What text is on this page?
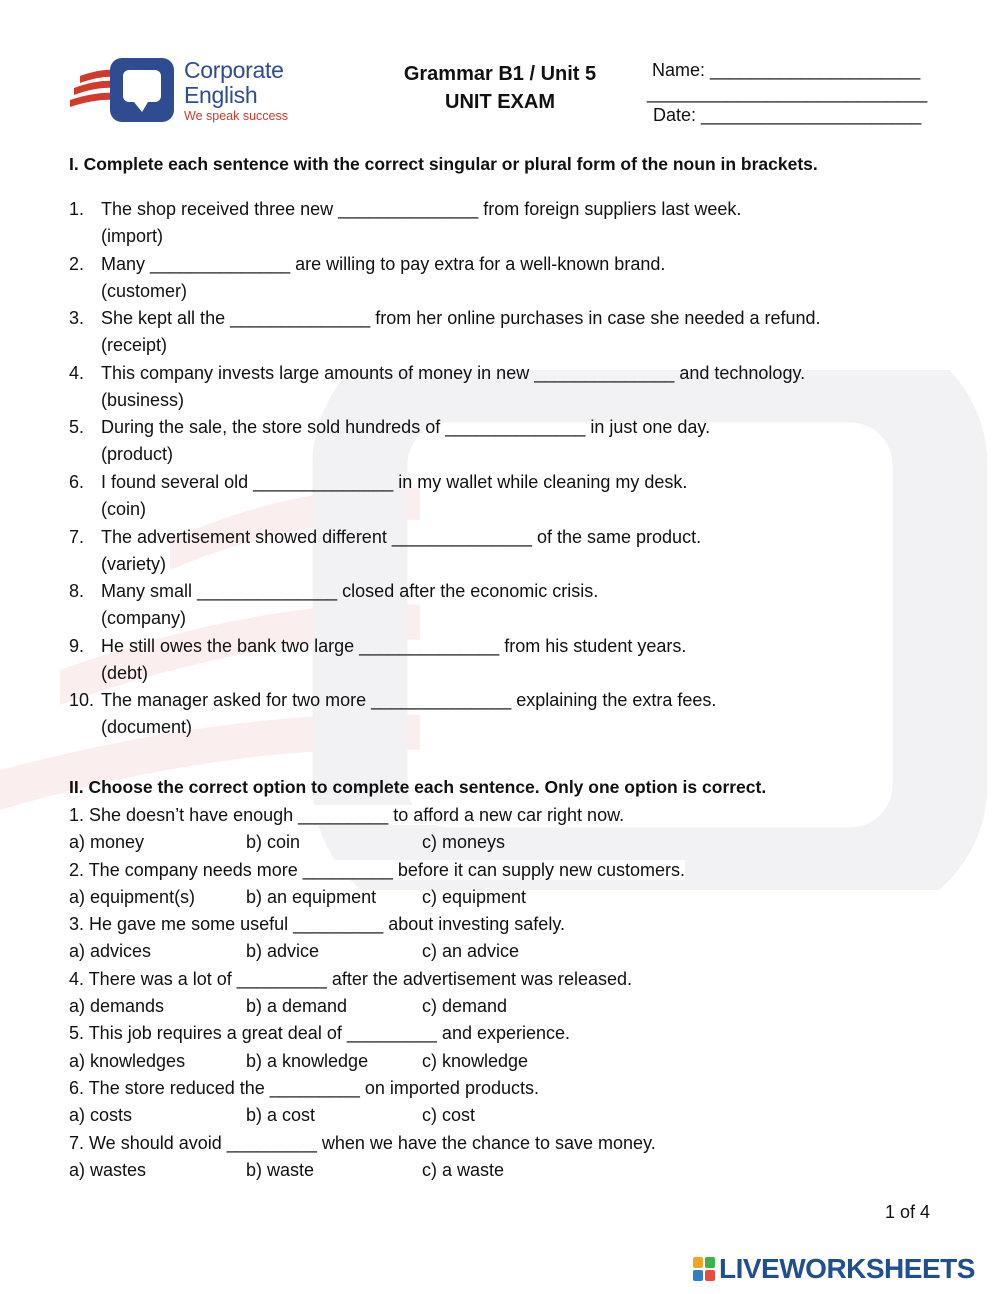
Corporate
English
We speak success
Grammar B1 / Unit 5
UNIT EXAM
Name: _____________________
____________________________
Date: ______________________
I. Complete each sentence with the correct singular or plural form of the noun in brackets.
1. The shop received three new ______________ from foreign suppliers last week.
(import)
2. Many ______________ are willing to pay extra for a well-known brand.
(customer)
3. She kept all the ______________ from her online purchases in case she needed a refund.
(receipt)
4. This company invests large amounts of money in new ______________ and technology.
(business)
5. During the sale, the store sold hundreds of ______________ in just one day.
(product)
6. I found several old ______________ in my wallet while cleaning my desk.
(coin)
7. The advertisement showed different ______________ of the same product.
(variety)
8. Many small ______________ closed after the economic crisis.
(company)
9. He still owes the bank two large ______________ from his student years.
(debt)
10. The manager asked for two more ______________ explaining the extra fees.
(document)
II. Choose the correct option to complete each sentence. Only one option is correct.
1. She doesn’t have enough _________ to afford a new car right now.
a) money	b) coin	c) moneys
2. The company needs more _________ before it can supply new customers.
a) equipment(s)	b) an equipment	c) equipment
3. He gave me some useful _________ about investing safely.
a) advices	b) advice	c) an advice
4. There was a lot of _________ after the advertisement was released.
a) demands	b) a demand	c) demand
5. This job requires a great deal of _________ and experience.
a) knowledges	b) a knowledge	c) knowledge
6. The store reduced the _________ on imported products.
a) costs	b) a cost	c) cost
7. We should avoid _________ when we have the chance to save money.
a) wastes	b) waste	c) a waste
1 of 4
LIVEWORKSHEETS
